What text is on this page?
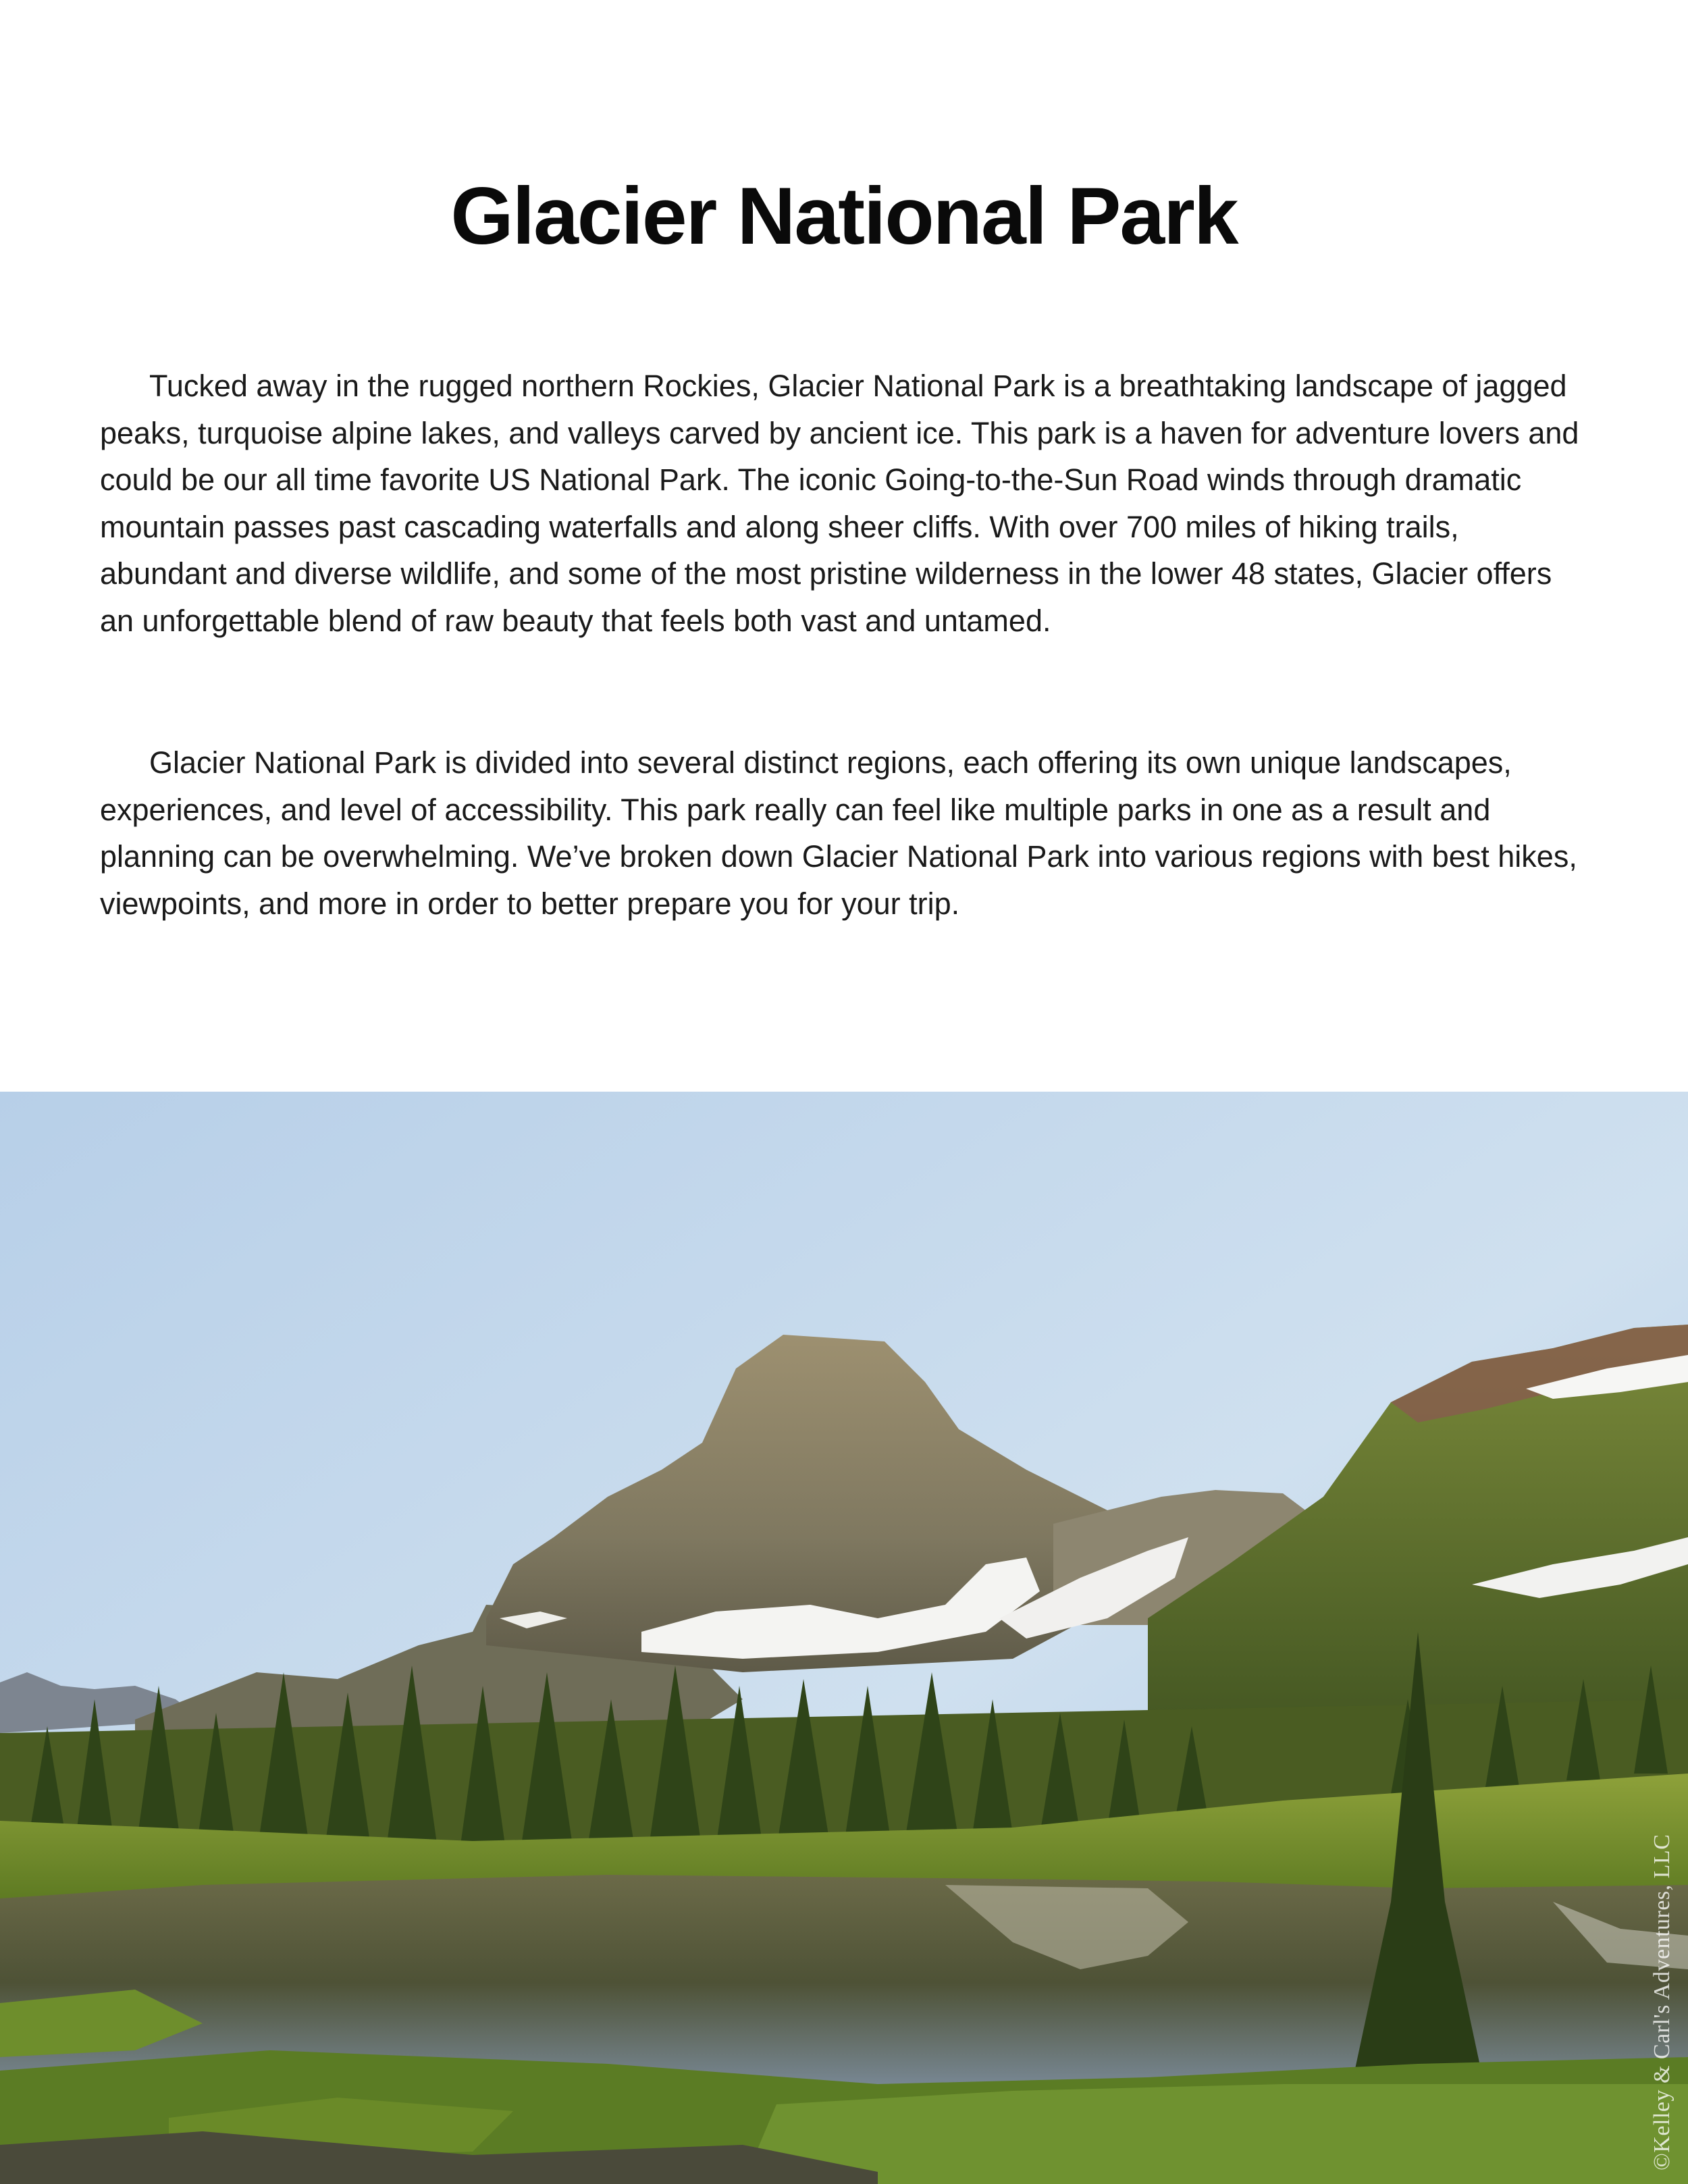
Glacier National Park

Tucked away in the rugged northern Rockies, Glacier National Park is a breathtaking landscape of jagged peaks, turquoise alpine lakes, and valleys carved by ancient ice. This park is a haven for adventure lovers and could be our all time favorite US National Park. The iconic Going-to-the-Sun Road winds through dramatic mountain passes past cascading waterfalls and along sheer cliffs. With over 700 miles of hiking trails, abundant and diverse wildlife, and some of the most pristine wilderness in the lower 48 states, Glacier offers an unforgettable blend of raw beauty that feels both vast and untamed.

Glacier National Park is divided into several distinct regions, each offering its own unique landscapes, experiences, and level of accessibility. This park really can feel like multiple parks in one as a result and planning can be overwhelming. We’ve broken down Glacier National Park into various regions with best hikes, viewpoints, and more in order to better prepare you for your trip.

©Kelley & Carl's Adventures, LLC
